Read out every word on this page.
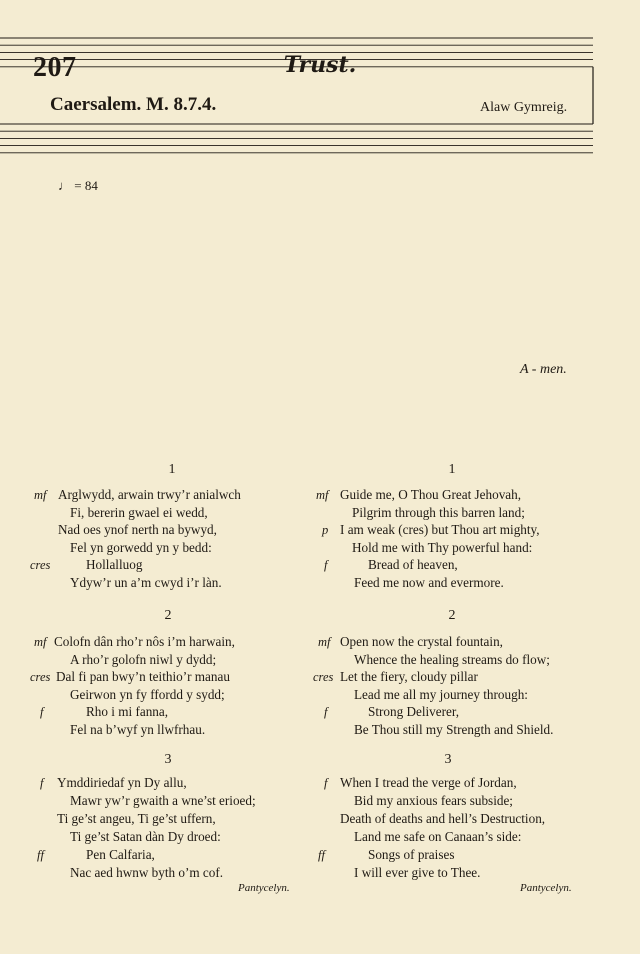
207	Trust.
Caersalem. M. 8.7.4.	Alaw Gymreig.
♩ = 84
A - men.
1
mf Arglwydd, arwain trwy’r anialwch
Fi, bererin gwael ei wedd,
Nad oes ynof nerth na bywyd,
Fel yn gorwedd yn y bedd:
cres	Hollalluog
Ydyw’r un a’m cwyd i’r làn.
2
mf Colofn dân rho’r nôs i’m harwain,
A rho’r golofn niwl y dydd;
cres Dal fi pan bwy’n teithio’r manau
Geirwon yn fy ffordd y sydd;
f	Rho i mi fanna,
Fel na b’wyf yn llwfrhau.
3
f Ymddiriedaf yn Dy allu,
Mawr yw’r gwaith a wne’st erioed;
Ti ge’st angeu, Ti ge’st uffern,
Ti ge’st Satan dàn Dy droed:
ff	Pen Calfaria,
Nac aed hwnw byth o’m cof.
Pantycelyn.
1
mf Guide me, O Thou Great Jehovah,
Pilgrim through this barren land;
p I am weak (cres) but Thou art mighty,
Hold me with Thy powerful hand:
f	Bread of heaven,
Feed me now and evermore.
2
mf Open now the crystal fountain,
Whence the healing streams do flow;
cres Let the fiery, cloudy pillar
Lead me all my journey through:
f	Strong Deliverer,
Be Thou still my Strength and Shield.
3
f When I tread the verge of Jordan,
Bid my anxious fears subside;
Death of deaths and hell’s Destruction,
Land me safe on Canaan’s side:
ff	Songs of praises
I will ever give to Thee.
Pantycelyn.
